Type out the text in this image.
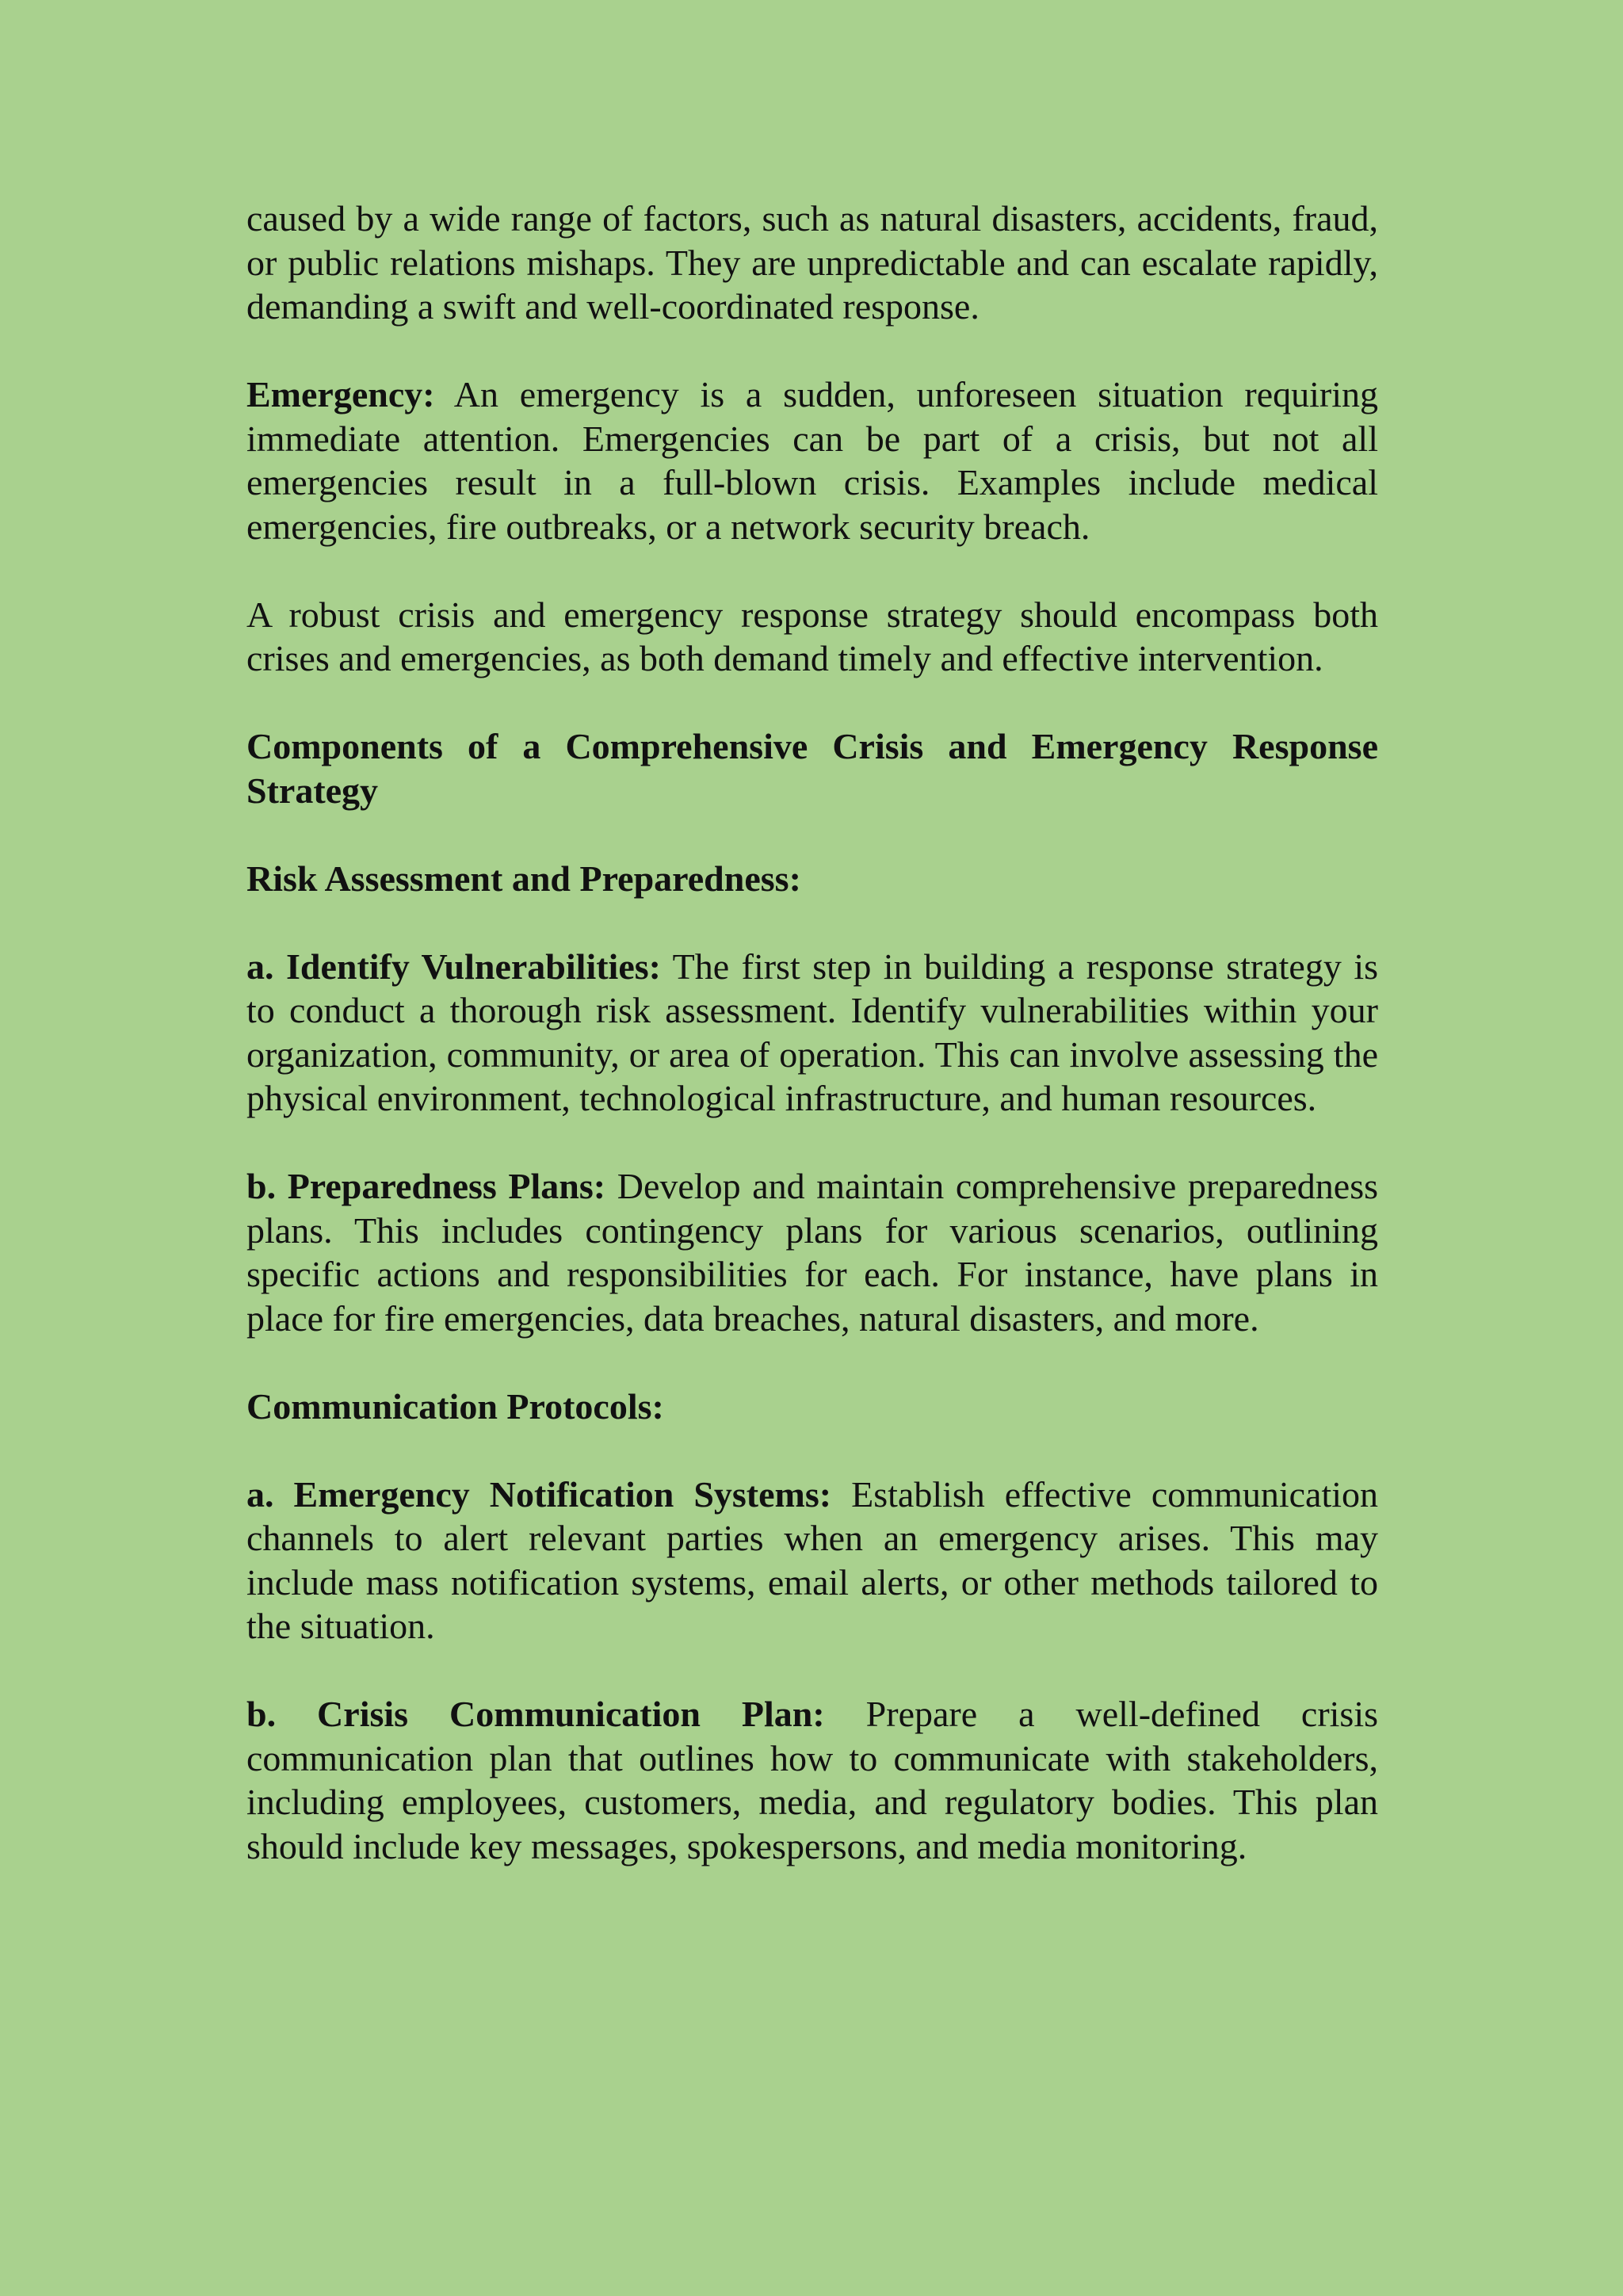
caused by a wide range of factors, such as natural disasters, accidents, fraud, or public relations mishaps. They are unpredictable and can escalate rapidly, demanding a swift and well-coordinated response.

Emergency: An emergency is a sudden, unforeseen situation requiring immediate attention. Emergencies can be part of a crisis, but not all emergencies result in a full-blown crisis. Examples include medical emergencies, fire outbreaks, or a network security breach.

A robust crisis and emergency response strategy should encompass both crises and emergencies, as both demand timely and effective intervention.

Components of a Comprehensive Crisis and Emergency Response Strategy

Risk Assessment and Preparedness:

a. Identify Vulnerabilities: The first step in building a response strategy is to conduct a thorough risk assessment. Identify vulnerabilities within your organization, community, or area of operation. This can involve assessing the physical environment, technological infrastructure, and human resources.

b. Preparedness Plans: Develop and maintain comprehensive preparedness plans. This includes contingency plans for various scenarios, outlining specific actions and responsibilities for each. For instance, have plans in place for fire emergencies, data breaches, natural disasters, and more.

Communication Protocols:

a. Emergency Notification Systems: Establish effective communication channels to alert relevant parties when an emergency arises. This may include mass notification systems, email alerts, or other methods tailored to the situation.

b. Crisis Communication Plan: Prepare a well-defined crisis communication plan that outlines how to communicate with stakeholders, including employees, customers, media, and regulatory bodies. This plan should include key messages, spokespersons, and media monitoring.
